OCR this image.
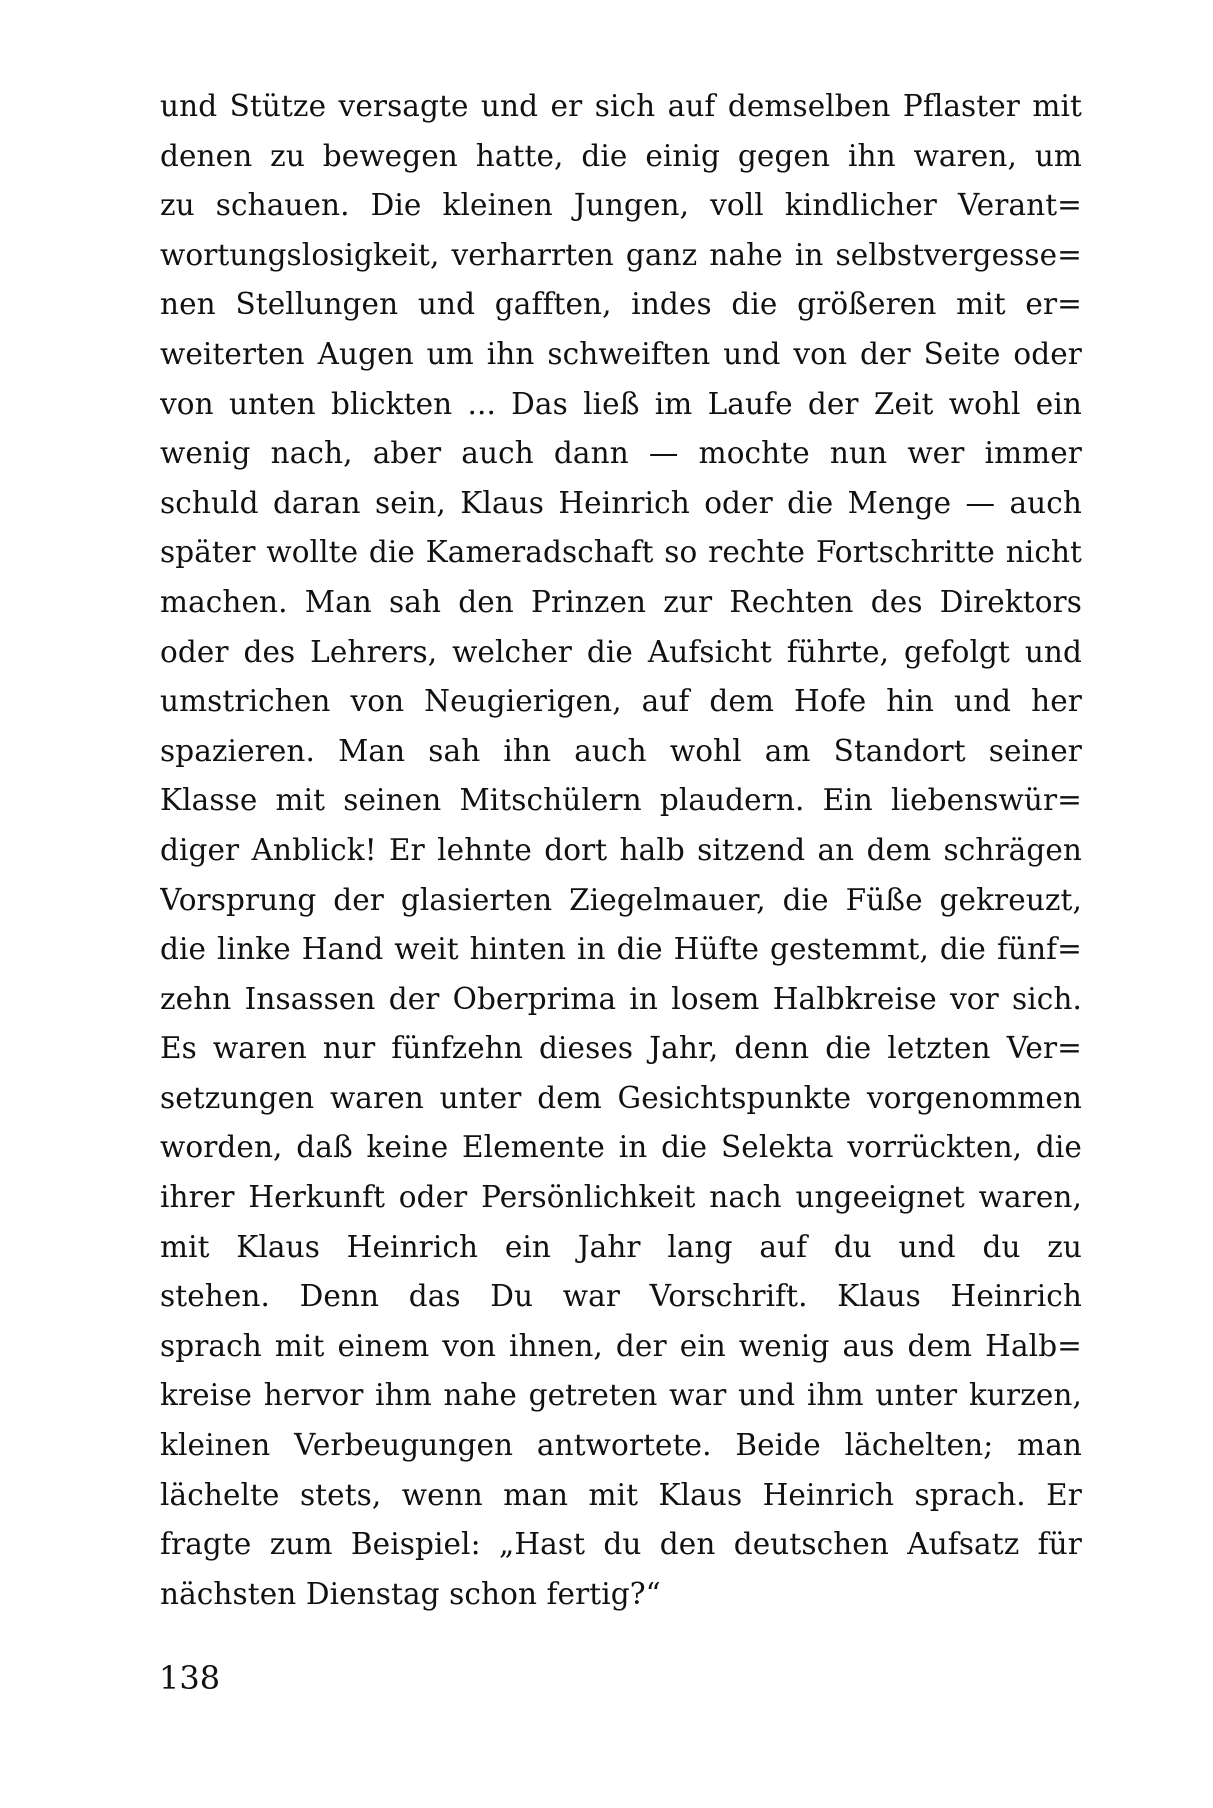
und Stütze versagte und er sich auf demselben Pflaster mit
denen zu bewegen hatte, die einig gegen ihn waren, um
zu schauen. Die kleinen Jungen, voll kindlicher Verant=
wortungslosigkeit, verharrten ganz nahe in selbstvergesse=
nen Stellungen und gafften, indes die größeren mit er=
weiterten Augen um ihn schweiften und von der Seite oder
von unten blickten ... Das ließ im Laufe der Zeit wohl ein
wenig nach, aber auch dann — mochte nun wer immer
schuld daran sein, Klaus Heinrich oder die Menge — auch
später wollte die Kameradschaft so rechte Fortschritte nicht
machen. Man sah den Prinzen zur Rechten des Direktors
oder des Lehrers, welcher die Aufsicht führte, gefolgt und
umstrichen von Neugierigen, auf dem Hofe hin und her
spazieren. Man sah ihn auch wohl am Standort seiner
Klasse mit seinen Mitschülern plaudern. Ein liebenswür=
diger Anblick! Er lehnte dort halb sitzend an dem schrägen
Vorsprung der glasierten Ziegelmauer, die Füße gekreuzt,
die linke Hand weit hinten in die Hüfte gestemmt, die fünf=
zehn Insassen der Oberprima in losem Halbkreise vor sich.
Es waren nur fünfzehn dieses Jahr, denn die letzten Ver=
setzungen waren unter dem Gesichtspunkte vorgenommen
worden, daß keine Elemente in die Selekta vorrückten, die
ihrer Herkunft oder Persönlichkeit nach ungeeignet waren,
mit Klaus Heinrich ein Jahr lang auf du und du zu
stehen. Denn das Du war Vorschrift. Klaus Heinrich
sprach mit einem von ihnen, der ein wenig aus dem Halb=
kreise hervor ihm nahe getreten war und ihm unter kurzen,
kleinen Verbeugungen antwortete. Beide lächelten; man
lächelte stets, wenn man mit Klaus Heinrich sprach. Er
fragte zum Beispiel: „Hast du den deutschen Aufsatz für
nächsten Dienstag schon fertig?“
138
